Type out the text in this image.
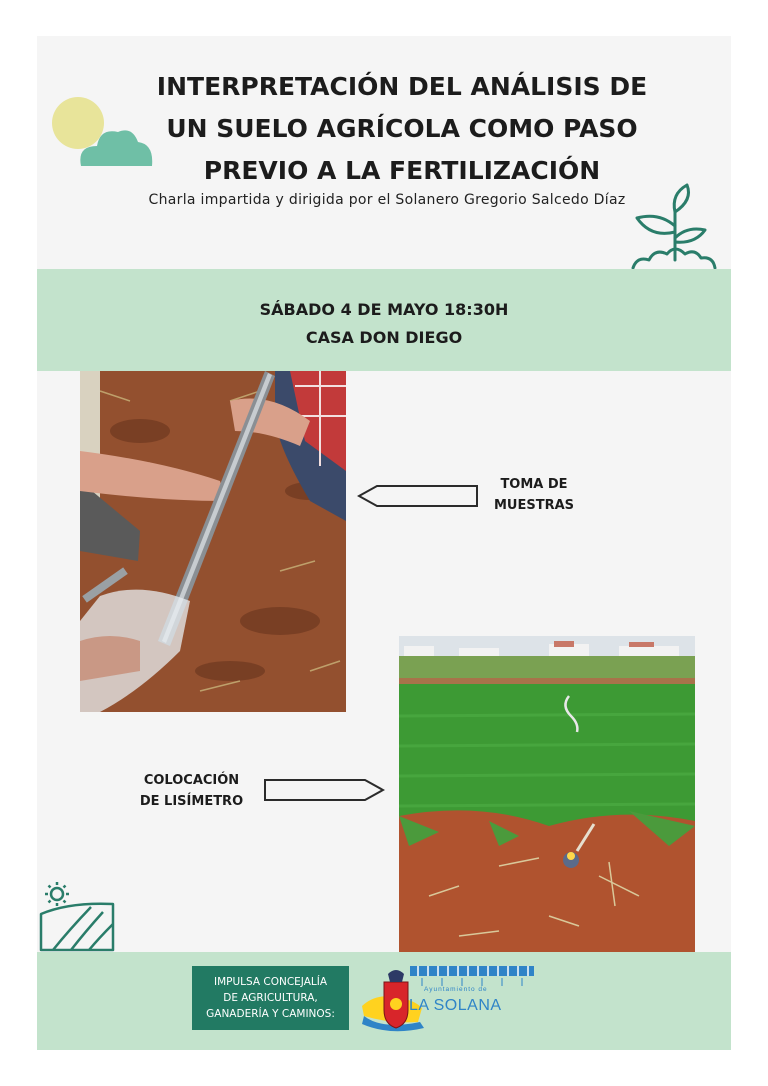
INTERPRETACIÓN DEL ANÁLISIS DE
UN SUELO AGRÍCOLA COMO PASO
PREVIO A LA FERTILIZACIÓN
Charla impartida y dirigida por el Solanero Gregorio Salcedo Díaz
SÁBADO 4 DE MAYO 18:30H
CASA DON DIEGO
TOMA DE
MUESTRAS
COLOCACIÓN
DE LISÍMETRO
IMPULSA CONCEJALÍA
DE AGRICULTURA,
GANADERÍA Y CAMINOS:
Ayuntamiento de
LA SOLANA
